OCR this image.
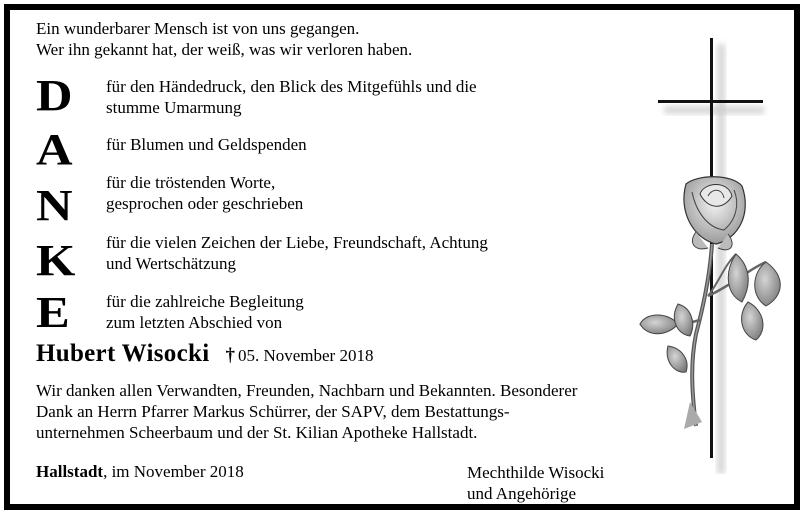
Ein wunderbarer Mensch ist von uns gegangen.
Wer ihn gekannt hat, der weiß, was wir verloren haben.
D für den Händedruck, den Blick des Mitgefühls und die
stumme Umarmung
A für Blumen und Geldspenden
N für die tröstenden Worte,
gesprochen oder geschrieben
K für die vielen Zeichen der Liebe, Freundschaft, Achtung
und Wertschätzung
E für die zahlreiche Begleitung
zum letzten Abschied von
Hubert Wisocki † 05. November 2018
Wir danken allen Verwandten, Freunden, Nachbarn und Bekannten. Besonderer
Dank an Herrn Pfarrer Markus Schürrer, der SAPV, dem Bestattungs-
unternehmen Scheerbaum und der St. Kilian Apotheke Hallstadt.
Hallstadt, im November 2018	Mechthilde Wisocki
und Angehörige
